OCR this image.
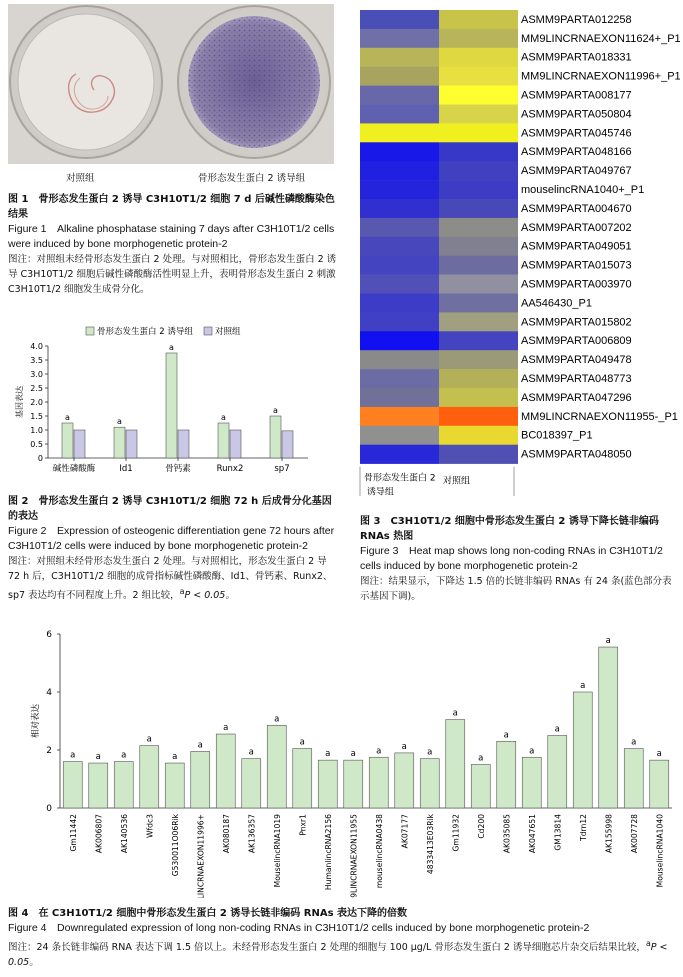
对照组	骨形态发生蛋白 2 诱导组
图 1　骨形态发生蛋白 2 诱导 C3H10T1/2 细胞 7 d 后碱性磷酸酶染色结果
Figure 1　Alkaline phosphatase staining 7 days after C3H10T1/2 cells were induced by bone morphogenetic protein-2
图注：对照组未经骨形态发生蛋白 2 处理。与对照相比，骨形态发生蛋白 2 诱导 C3H10T1/2 细胞后碱性磷酸酶活性明显上升，表明骨形态发生蛋白 2 刺激 C3H10T1/2 细胞发生成骨分化。
骨形态发生蛋白 2 诱导组	对照组
0
0.5
1.0
1.5
2.0
2.5
3.0
3.5
4.0
基因表达	a
碱性磷酸酶
a
Id1
a
骨钙素
a
Runx2
a
sp7
图 2　骨形态发生蛋白 2 诱导 C3H10T1/2 细胞 72 h 后成骨分化基因的表达
Figure 2　Expression of osteogenic differentiation gene 72 hours after C3H10T1/2 cells were induced by bone morphogenetic protein-2
图注：对照组未经骨形态发生蛋白 2 处理。与对照相比，形态发生蛋白 2 导 72 h 后，C3H10T1/2 细胞的成骨指标碱性磷酸酶、Id1、骨钙素、Runx2、sp7 表达均有不同程度上升。2 组比较，$^a$P < 0.05。
ASMM9PARTA012258
MM9LINCRNAEXON11624+_P1
ASMM9PARTA018331
MM9LINCRNAEXON11996+_P1
ASMM9PARTA008177
ASMM9PARTA050804
ASMM9PARTA045746
ASMM9PARTA048166
ASMM9PARTA049767
mouselincRNA1040+_P1
ASMM9PARTA004670
ASMM9PARTA007202
ASMM9PARTA049051
ASMM9PARTA015073
ASMM9PARTA003970
AA546430_P1
ASMM9PARTA015802
ASMM9PARTA006809
ASMM9PARTA049478
ASMM9PARTA048773
ASMM9PARTA047296
MM9LINCRNAEXON11955-_P1
BC018397_P1
ASMM9PARTA048050
骨形态发生蛋白 2 诱导组
对照组
图 3　C3H10T1/2 细胞中骨形态发生蛋白 2 诱导下降长链非编码 RNAs 热图
Figure 3　Heat map shows long non-coding RNAs in C3H10T1/2 cells induced by bone morphogenetic protein-2
图注：结果显示，下降达 1.5 倍的长链非编码 RNAs 有 24 条(蓝色部分表示基因下调)。
0
2
4
6
相对表达
a
Gm11442
a
AK006807
a
AK140536
a
Wfdc3
a
G530011O06Rik
a
MM9LINCRNAEXON11996+
a
AK080187
a
AK136357
a
MouselincRNA1019
a
Pnxr1
a
HumanlincRNA2156
a
MM9LINCRNAEXON11955
a
mouselincRNA0438
a
AK07177
a
4833413E03Rik
a
Gm11932
a
Cd200
a
AK035085
a
AK047651
a
GM13814
a
Tdrn12
a
AK155998
a
AK007728
a
MouselincRNA1040
图 4　在 C3H10T1/2 细胞中骨形态发生蛋白 2 诱导长链非编码 RNAs 表达下降的倍数
Figure 4　Downregulated expression of long non-coding RNAs in C3H10T1/2 cells induced by bone morphogenetic protein-2
图注：24 条长链非编码 RNA 表达下调 1.5 倍以上。未经骨形态发生蛋白 2 处理的细胞与 100 μg/L 骨形态发生蛋白 2 诱导细胞芯片杂交后结果比较，$^a$P < 0.05。
